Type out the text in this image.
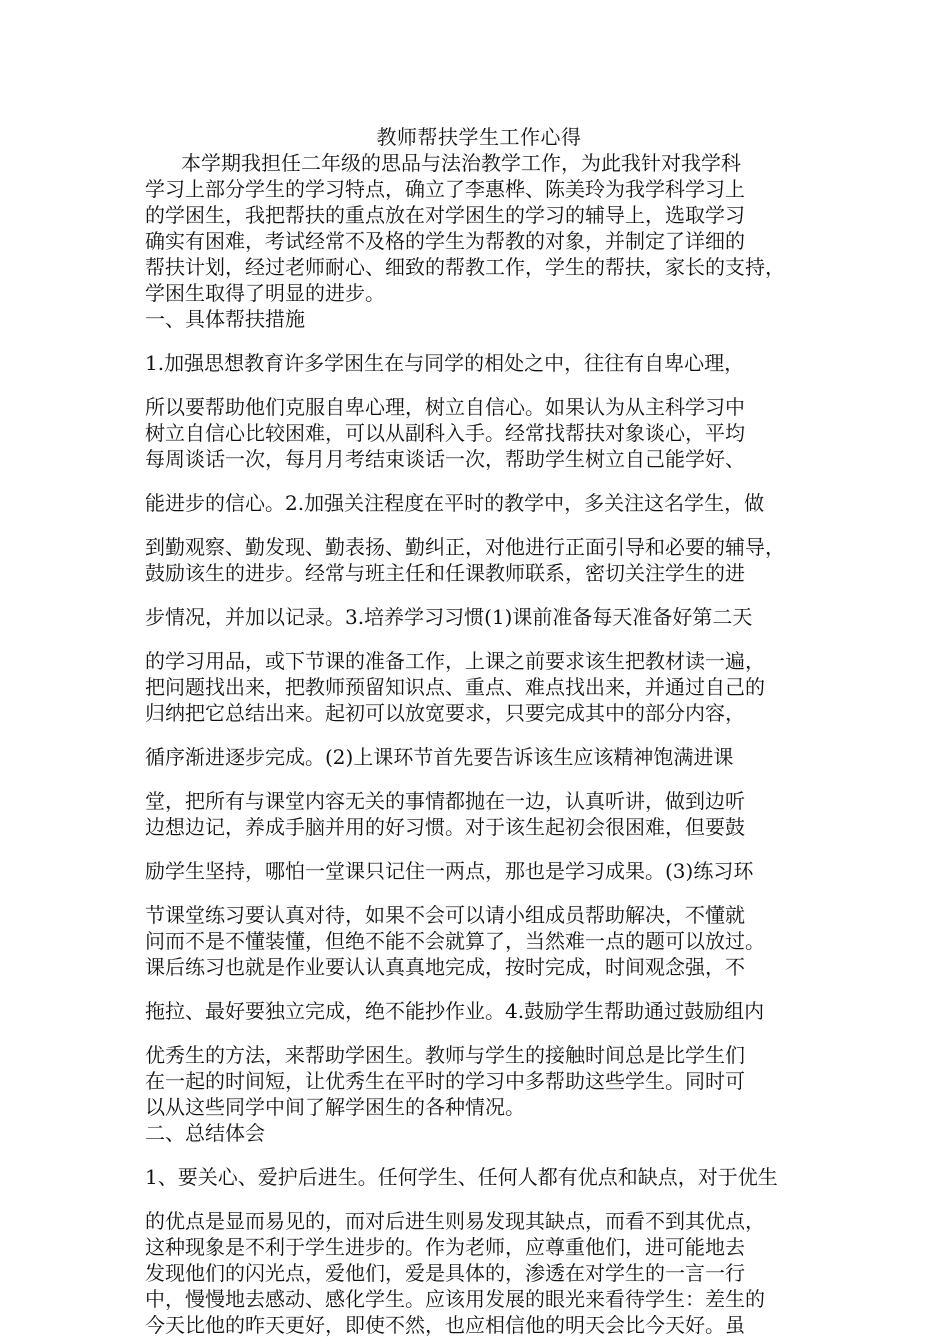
教师帮扶学生工作心得

本学期我担任二年级的思品与法治教学工作，为此我针对我学科

学习上部分学生的学习特点，确立了李惠桦、陈美玲为我学科学习上

的学困生，我把帮扶的重点放在对学困生的学习的辅导上，选取学习

确实有困难，考试经常不及格的学生为帮教的对象，并制定了详细的

帮扶计划，经过老师耐心、细致的帮教工作，学生的帮扶，家长的支持，

学困生取得了明显的进步。

一、具体帮扶措施

1.加强思想教育许多学困生在与同学的相处之中，往往有自卑心理，

所以要帮助他们克服自卑心理，树立自信心。如果认为从主科学习中

树立自信心比较困难，可以从副科入手。经常找帮扶对象谈心，平均

每周谈话一次，每月月考结束谈话一次，帮助学生树立自己能学好、

能进步的信心。2.加强关注程度在平时的教学中，多关注这名学生，做

到勤观察、勤发现、勤表扬、勤纠正，对他进行正面引导和必要的辅导，

鼓励该生的进步。经常与班主任和任课教师联系，密切关注学生的进

步情况，并加以记录。3.培养学习习惯(1)课前准备每天准备好第二天

的学习用品，或下节课的准备工作，上课之前要求该生把教材读一遍，

把问题找出来，把教师预留知识点、重点、难点找出来，并通过自己的

归纳把它总结出来。起初可以放宽要求，只要完成其中的部分内容，

循序渐进逐步完成。(2)上课环节首先要告诉该生应该精神饱满进课

堂，把所有与课堂内容无关的事情都抛在一边，认真听讲，做到边听

边想边记，养成手脑并用的好习惯。对于该生起初会很困难，但要鼓

励学生坚持，哪怕一堂课只记住一两点，那也是学习成果。(3)练习环

节课堂练习要认真对待，如果不会可以请小组成员帮助解决，不懂就

问而不是不懂装懂，但绝不能不会就算了，当然难一点的题可以放过。

课后练习也就是作业要认认真真地完成，按时完成，时间观念强，不

拖拉、最好要独立完成，绝不能抄作业。4.鼓励学生帮助通过鼓励组内

优秀生的方法，来帮助学困生。教师与学生的接触时间总是比学生们

在一起的时间短，让优秀生在平时的学习中多帮助这些学生。同时可

以从这些同学中间了解学困生的各种情况。

二、总结体会

1、要关心、爱护后进生。任何学生、任何人都有优点和缺点，对于优生

的优点是显而易见的，而对后进生则易发现其缺点，而看不到其优点，

这种现象是不利于学生进步的。作为老师，应尊重他们，进可能地去

发现他们的闪光点，爱他们，爱是具体的，渗透在对学生的一言一行

中，慢慢地去感动、感化学生。应该用发展的眼光来看待学生：差生的

今天比他的昨天更好，即使不然，也应相信他的明天会比今天好。虽
